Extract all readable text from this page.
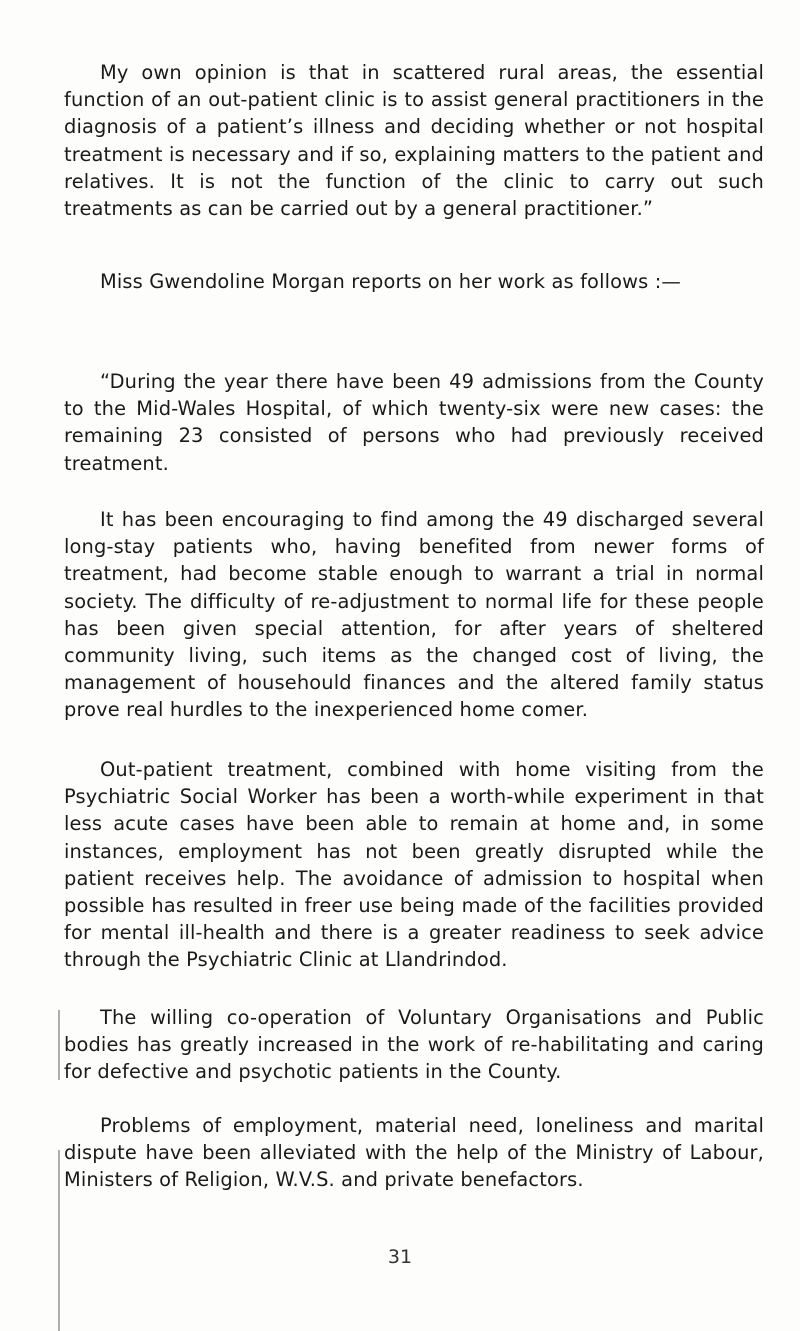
My own opinion is that in scattered rural areas, the essential function of an out-patient clinic is to assist general practitioners in the diagnosis of a patient’s illness and deciding whether or not hospital treatment is necessary and if so, explaining matters to the patient and relatives. It is not the function of the clinic to carry out such treatments as can be carried out by a general practitioner.”

Miss Gwendoline Morgan reports on her work as follows :—

“During the year there have been 49 admissions from the County to the Mid-Wales Hospital, of which twenty-six were new cases: the remaining 23 consisted of persons who had previously received treatment.

It has been encouraging to find among the 49 discharged several long-stay patients who, having benefited from newer forms of treatment, had become stable enough to warrant a trial in normal society. The difficulty of re-adjustment to normal life for these people has been given special attention, for after years of sheltered community living, such items as the changed cost of living, the management of househould finances and the altered family status prove real hurdles to the inexperienced home comer.

Out-patient treatment, combined with home visiting from the Psychiatric Social Worker has been a worth-while experiment in that less acute cases have been able to remain at home and, in some instances, employment has not been greatly disrupted while the patient receives help. The avoidance of admission to hospital when possible has resulted in freer use being made of the facilities provided for mental ill-health and there is a greater readiness to seek advice through the Psychiatric Clinic at Llandrindod.

The willing co-operation of Voluntary Organisations and Public bodies has greatly increased in the work of re-habilitating and caring for defective and psychotic patients in the County.

Problems of employment, material need, loneliness and marital dispute have been alleviated with the help of the Ministry of Labour, Ministers of Religion, W.V.S. and private benefactors.

31
